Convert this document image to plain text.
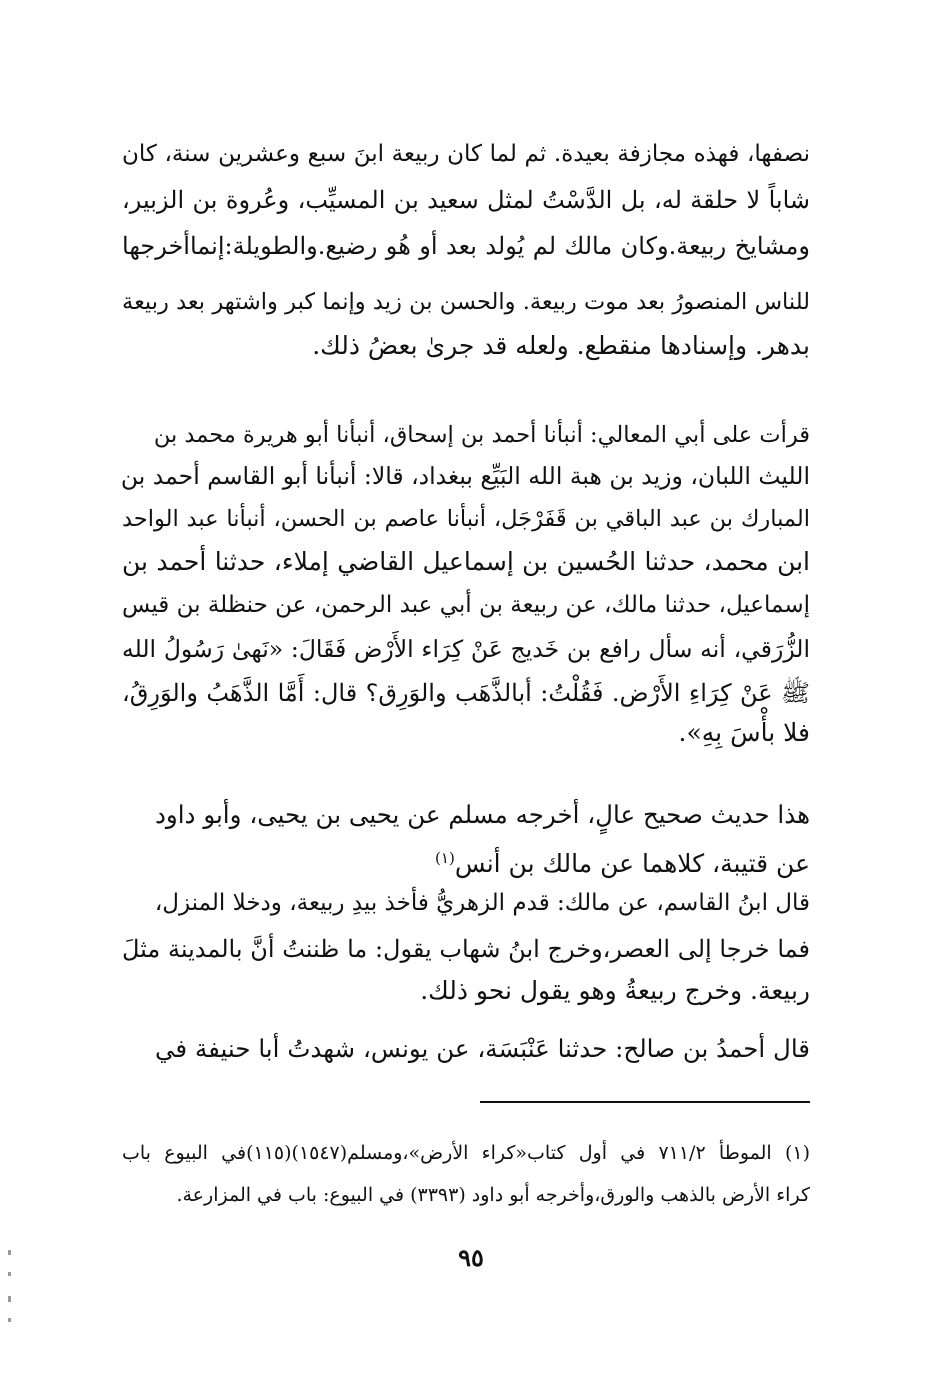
نصفها، فهذه مجازفة بعيدة. ثم لما كان ربيعة ابنَ سبع وعشرين سنة، كان
شاباً لا حلقة له، بل الدَّسْتُ لمثل سعيد بن المسيِّب، وعُروة بن الزبير،
ومشايخ ربيعة.وكان مالك لم يُولد بعد أو هُو رضيع.والطويلة:إنماأخرجها
للناس المنصورُ بعد موت ربيعة. والحسن بن زيد وإنما كبر واشتهر بعد ربيعة
بدهر. وإسنادها منقطع. ولعله قد جرىٰ بعضُ ذلك.
قرأت على أبي المعالي: أنبأنا أحمد بن إسحاق، أنبأنا أبو هريرة محمد بن
الليث اللبان، وزيد بن هبة الله البَيِّع ببغداد، قالا: أنبأنا أبو القاسم أحمد بن
المبارك بن عبد الباقي بن قَفَرْجَل، أنبأنا عاصم بن الحسن، أنبأنا عبد الواحد
ابن محمد، حدثنا الحُسين بن إسماعيل القاضي إملاء، حدثنا أحمد بن
إسماعيل، حدثنا مالك، عن ربيعة بن أبي عبد الرحمن، عن حنظلة بن قيس
الزُّرَقي، أنه سأل رافع بن خَديج عَنْ كِرَاء الأَرْض فَقَالَ: «نَهىٰ رَسُولُ الله
ﷺ عَنْ كِرَاءِ الأَرْض. فَقُلْتُ: أبالذَّهَب والوَرِق؟ قال: أَمَّا الذَّهَبُ والوَرِقُ،
فلا بأْسَ بِهِ».
هذا حديث صحيح عالٍ، أخرجه مسلم عن يحيى بن يحيى، وأبو داود
عن قتيبة، كلاهما عن مالك بن أنس$^{(١)}$
قال ابنُ القاسم، عن مالك: قدم الزهريُّ فأخذ بيدِ ربيعة، ودخلا المنزل،
فما خرجا إلى العصر،وخرج ابنُ شهاب يقول: ما ظننتُ أنَّ بالمدينة مثلَ
ربيعة. وخرج ربيعةُ وهو يقول نحو ذلك.
قال أحمدُ بن صالح: حدثنا عَنْبَسَة، عن يونس، شهدتُ أبا حنيفة في
(١) الموطأ ٧١١/٢ في أول كتاب«كراء الأرض»،ومسلم(١٥٤٧)(١١٥)في البيوع باب
كراء الأرض بالذهب والورق،وأخرجه أبو داود (٣٣٩٣) في البيوع: باب في المزارعة.
٩٥
